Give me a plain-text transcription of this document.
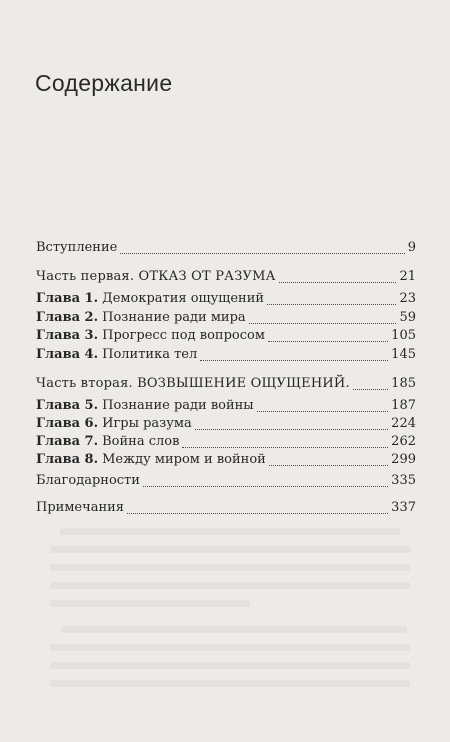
Содержание
Вступление	9
Часть первая. ОТКАЗ ОТ РАЗУМА	21
Глава 1. Демократия ощущений	23
Глава 2. Познание ради мира	59
Глава 3. Прогресс под вопросом	105
Глава 4. Политика тел	145
Часть вторая. ВОЗВЫШЕНИЕ ОЩУЩЕНИЙ.	185
Глава 5. Познание ради войны	187
Глава 6. Игры разума	224
Глава 7. Война слов	262
Глава 8. Между миром и войной	299
Благодарности	335
Примечания	337
